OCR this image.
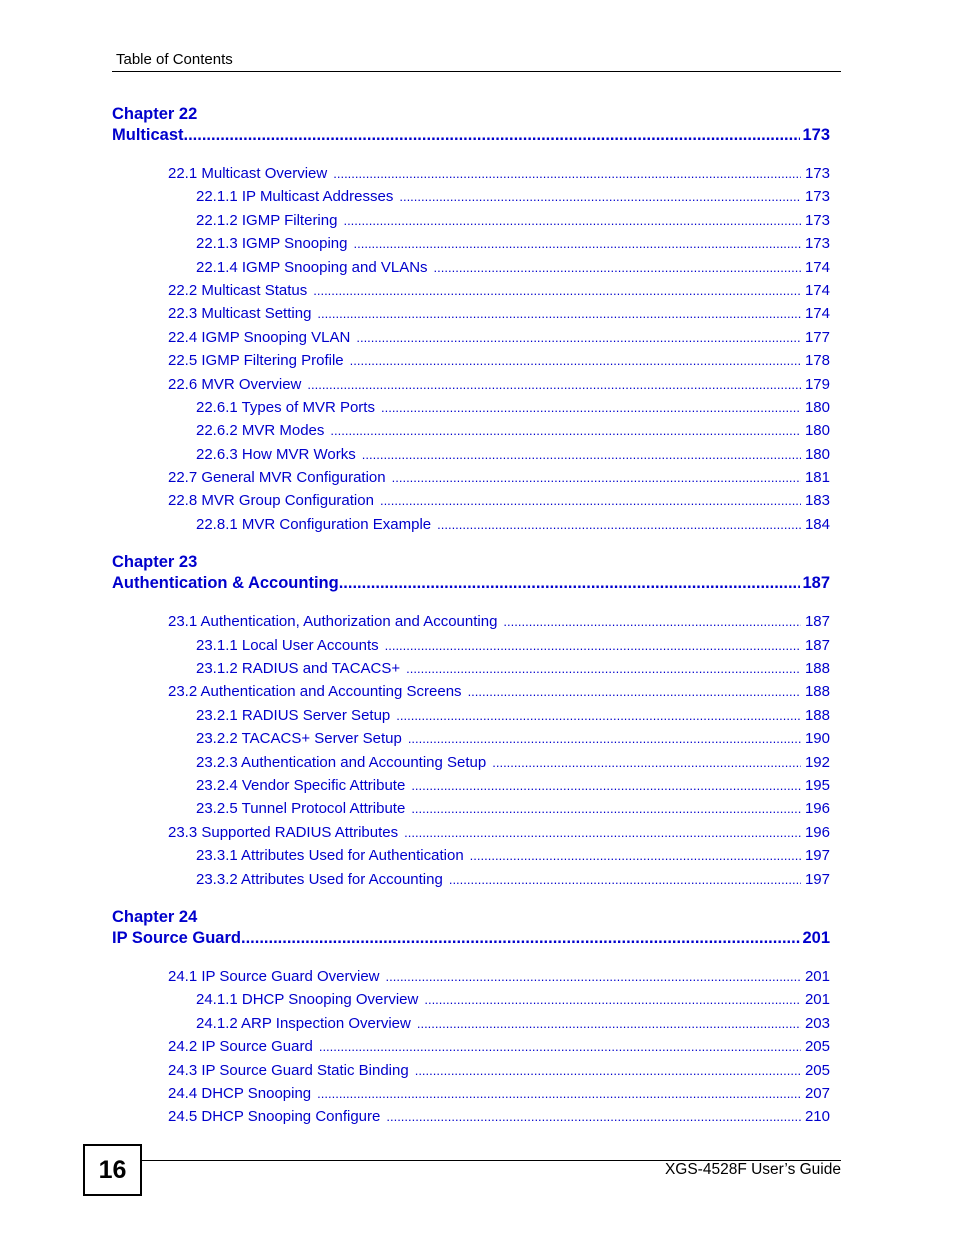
Table of Contents
Chapter 22
Multicast .....	173
22.1 Multicast Overview .....	173
22.1.1 IP Multicast Addresses .....	173
22.1.2 IGMP Filtering .....	173
22.1.3 IGMP Snooping .....	173
22.1.4 IGMP Snooping and VLANs .....	174
22.2 Multicast Status .....	174
22.3 Multicast Setting .....	174
22.4 IGMP Snooping VLAN .....	177
22.5 IGMP Filtering Profile .....	178
22.6 MVR Overview .....	179
22.6.1 Types of MVR Ports .....	180
22.6.2 MVR Modes .....	180
22.6.3 How MVR Works .....	180
22.7 General MVR Configuration .....	181
22.8 MVR Group Configuration .....	183
22.8.1 MVR Configuration Example .....	184
Chapter 23
Authentication & Accounting .....	187
23.1 Authentication, Authorization and Accounting .....	187
23.1.1 Local User Accounts .....	187
23.1.2 RADIUS and TACACS+ .....	188
23.2 Authentication and Accounting Screens .....	188
23.2.1 RADIUS Server Setup .....	188
23.2.2 TACACS+ Server Setup .....	190
23.2.3 Authentication and Accounting Setup .....	192
23.2.4 Vendor Specific Attribute .....	195
23.2.5 Tunnel Protocol Attribute .....	196
23.3 Supported RADIUS Attributes .....	196
23.3.1 Attributes Used for Authentication .....	197
23.3.2 Attributes Used for Accounting .....	197
Chapter 24
IP Source Guard .....	201
24.1 IP Source Guard Overview .....	201
24.1.1 DHCP Snooping Overview .....	201
24.1.2 ARP Inspection Overview .....	203
24.2 IP Source Guard .....	205
24.3 IP Source Guard Static Binding .....	205
24.4 DHCP Snooping .....	207
24.5 DHCP Snooping Configure .....	210
16	XGS-4528F User’s Guide
